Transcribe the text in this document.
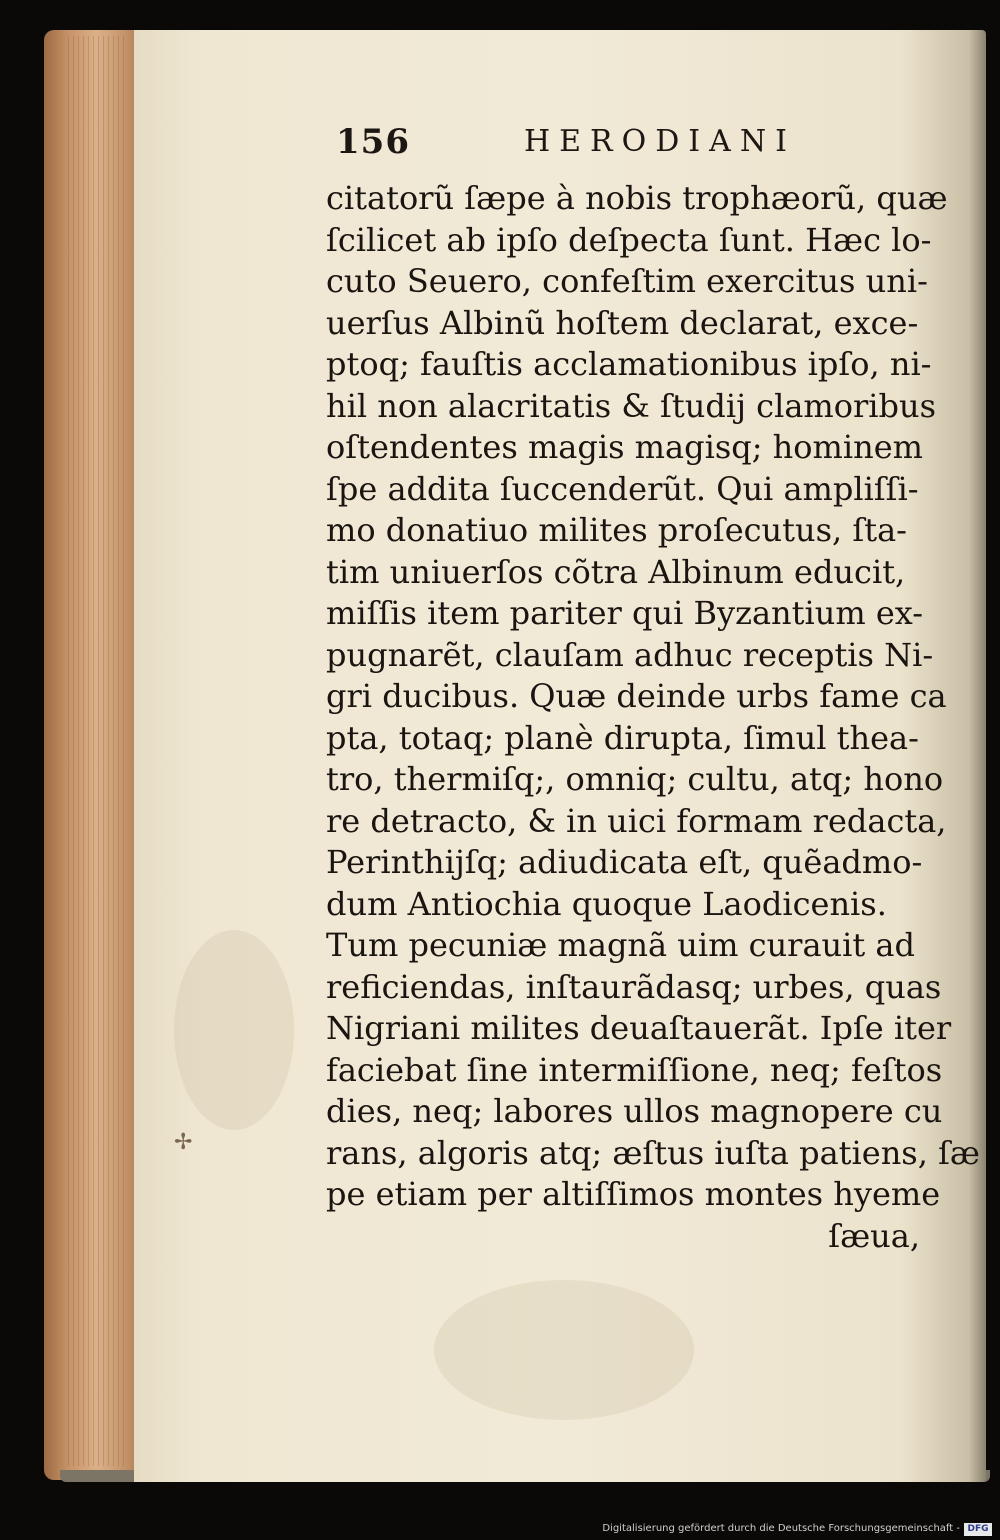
156	HERODIANI
citatorũ ſæpe à nobis trophæorũ, quæ
ſcilicet ab ipſo deſpecta ſunt. Hæc lo-
cuto Seuero, confeſtim exercitus uni-
uerſus Albinũ hoſtem declarat, exce-
ptoq; fauſtis acclamationibus ipſo, ni-
hil non alacritatis & ſtudij clamoribus
oſtendentes magis magisq; hominem
ſpe addita ſuccenderũt. Qui ampliſſi-
mo donatiuo milites proſecutus, ſta-
tim uniuerſos cõtra Albinum educit,
miſſis item pariter qui Byzantium ex-
pugnarẽt, clauſam adhuc receptis Ni-
gri ducibus. Quæ deinde urbs fame ca
pta, totaq; planè dirupta, ſimul thea-
tro, thermiſq;, omniq; cultu, atq; hono
re detracto, & in uici formam redacta,
Perinthijſq; adiudicata eſt, quẽadmo-
dum Antiochia quoque Laodicenis.
Tum pecuniæ magnã uim curauit ad
reficiendas, inſtaurãdasq; urbes, quas
Nigriani milites deuaſtauerãt. Ipſe iter
faciebat ſine intermiſſione, neq; feſtos
dies, neq; labores ullos magnopere cu
rans, algoris atq; æſtus iuſta patiens, ſæ
pe etiam per altiſſimos montes hyeme
ſæua,
✢
Digitalisierung gefördert durch die Deutsche Forschungsgemeinschaft - DFG
